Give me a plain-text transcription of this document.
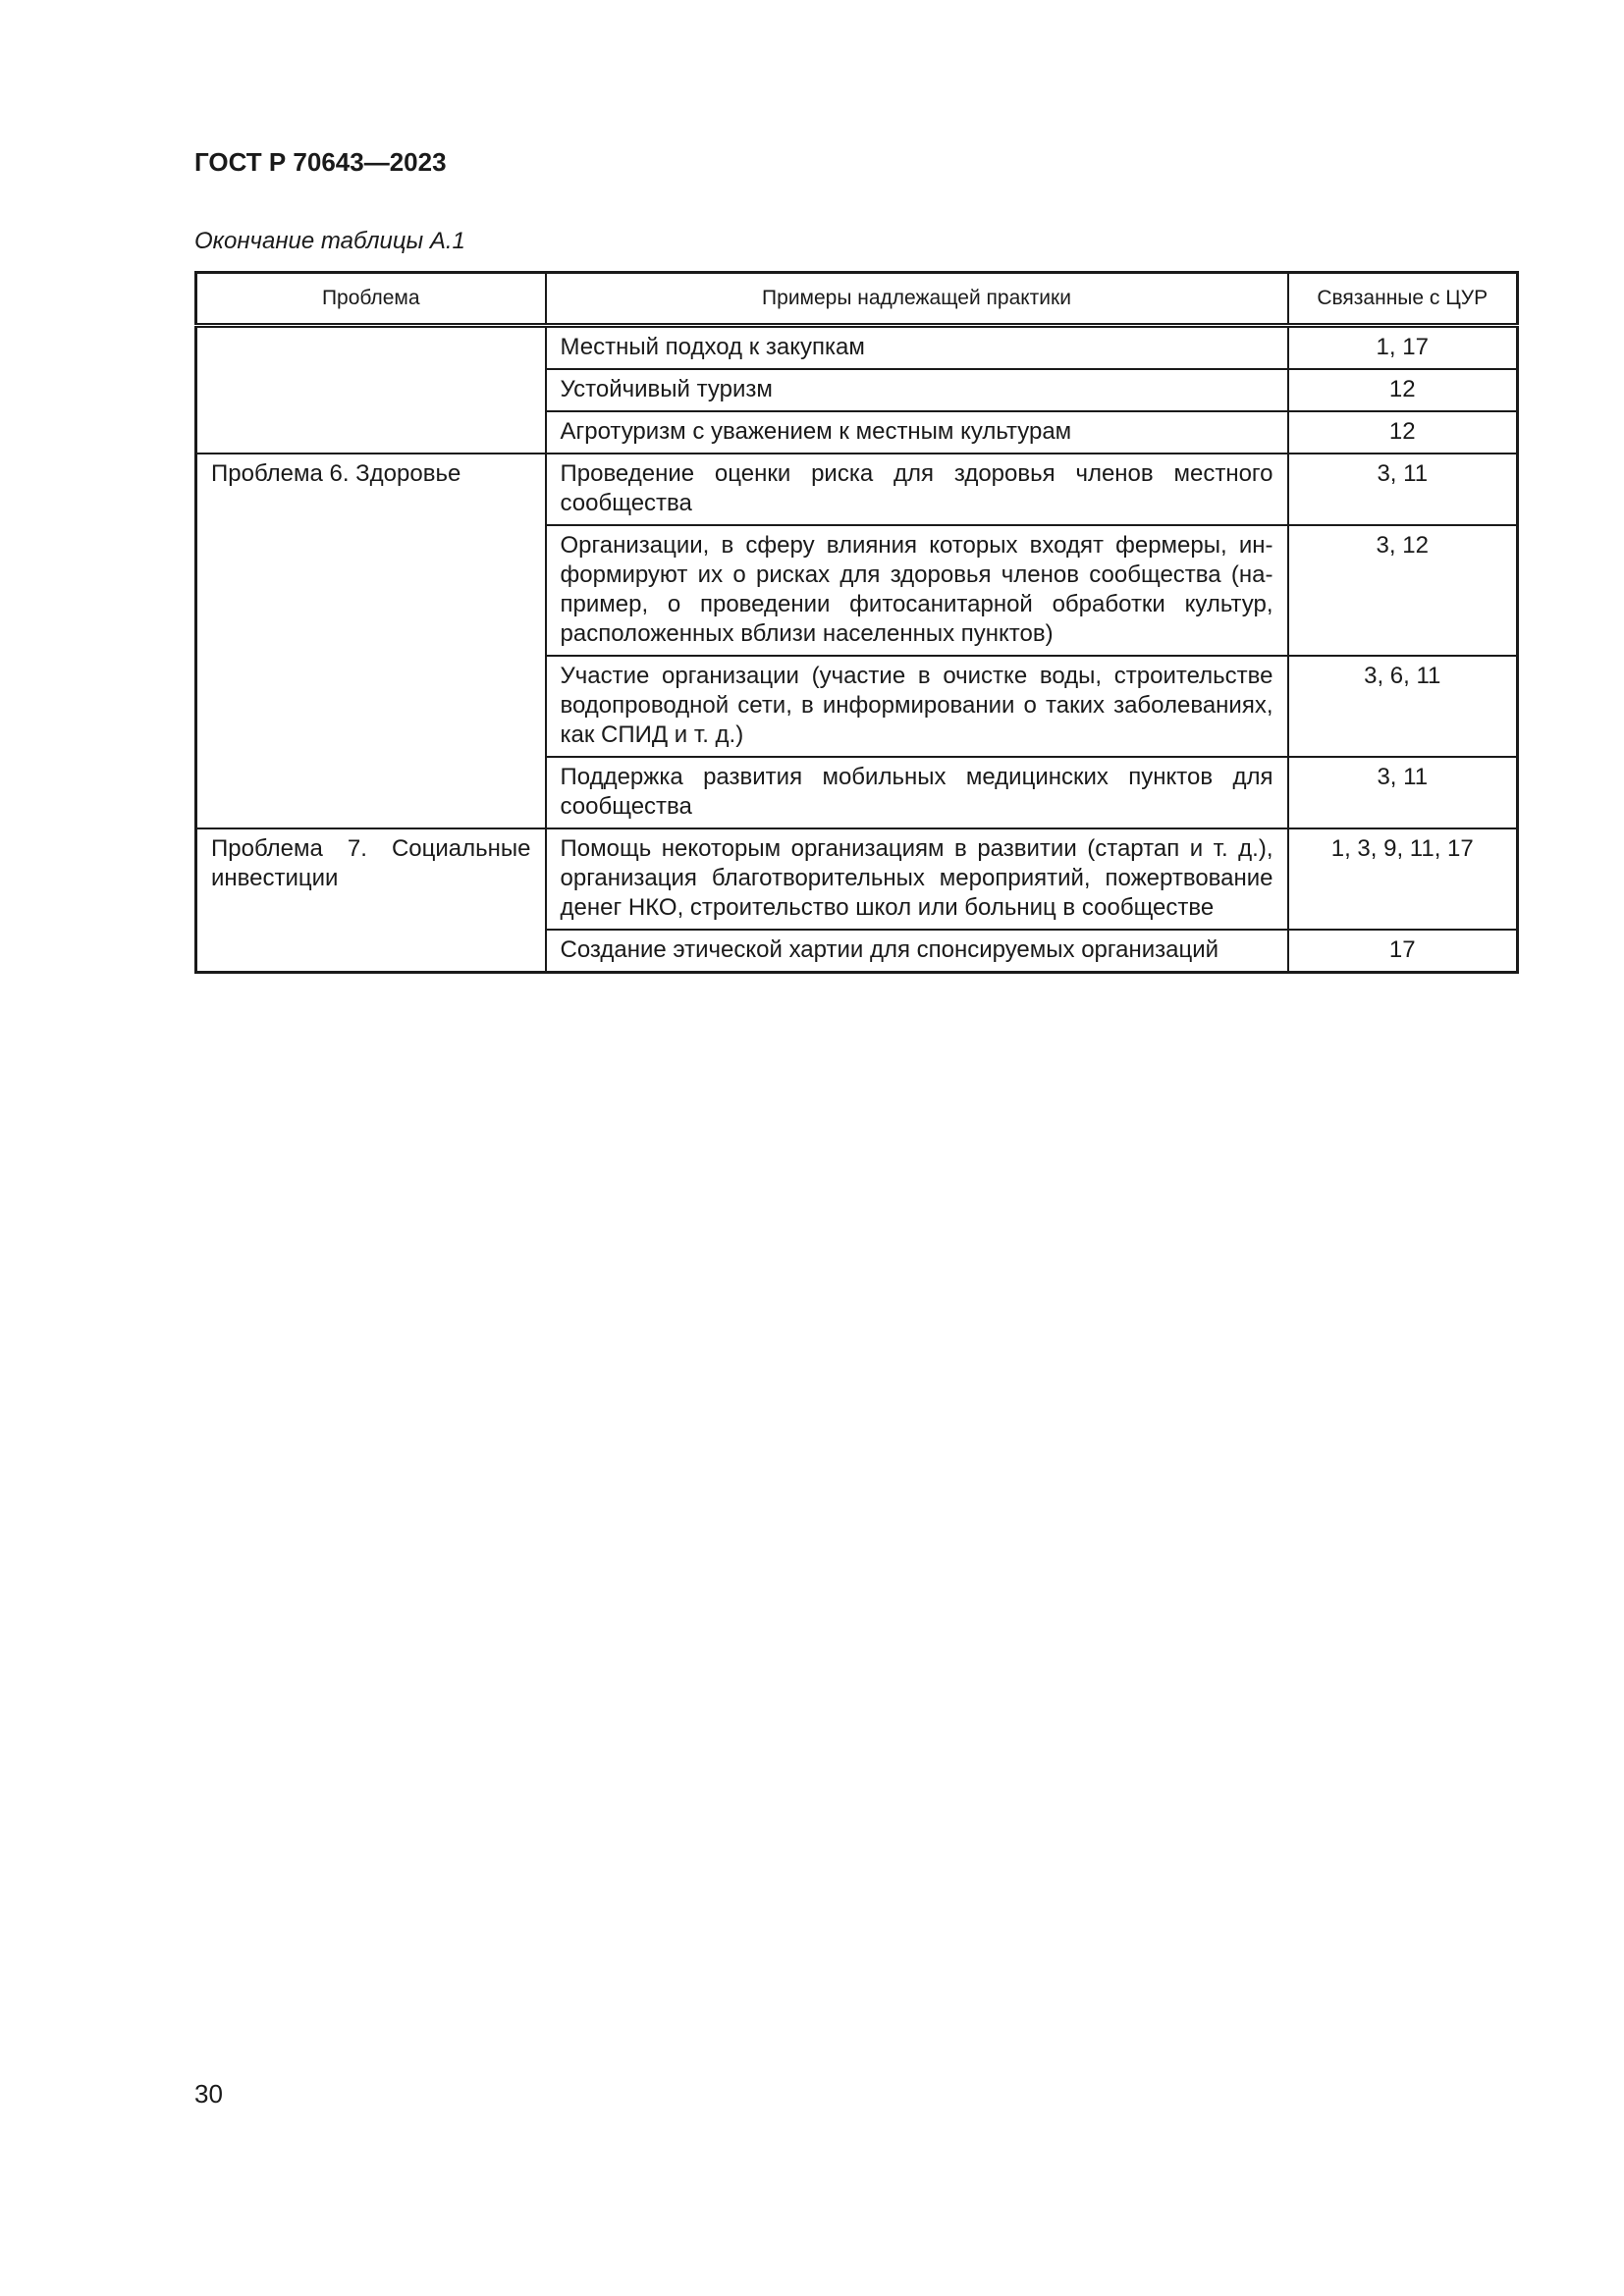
ГОСТ Р 70643—2023
Окончание таблицы А.1
Проблема	Примеры надлежащей практики	Связанные с ЦУР
	Местный подход к закупкам	1, 17
	Устойчивый туризм	12
	Агротуризм с уважением к местным культурам	12
Проблема 6. Здоровье	Проведение оценки риска для здоровья членов местного сообщества	3, 11
	Организации, в сферу влияния которых входят фермеры, информируют их о рисках для здоровья членов сообщества (например, о проведении фитосанитарной обработки культур, расположенных вблизи населенных пунктов)	3, 12
	Участие организации (участие в очистке воды, строительстве водопроводной сети, в информировании о таких заболеваниях, как СПИД и т. д.)	3, 6, 11
	Поддержка развития мобильных медицинских пунктов для сообщества	3, 11
Проблема 7. Социальные инвестиции	Помощь некоторым организациям в развитии (стартап и т. д.), организация благотворительных мероприятий, пожертвование денег НКО, строительство школ или больниц в сообществе	1, 3, 9, 11, 17
	Создание этической хартии для спонсируемых организаций	17
30
